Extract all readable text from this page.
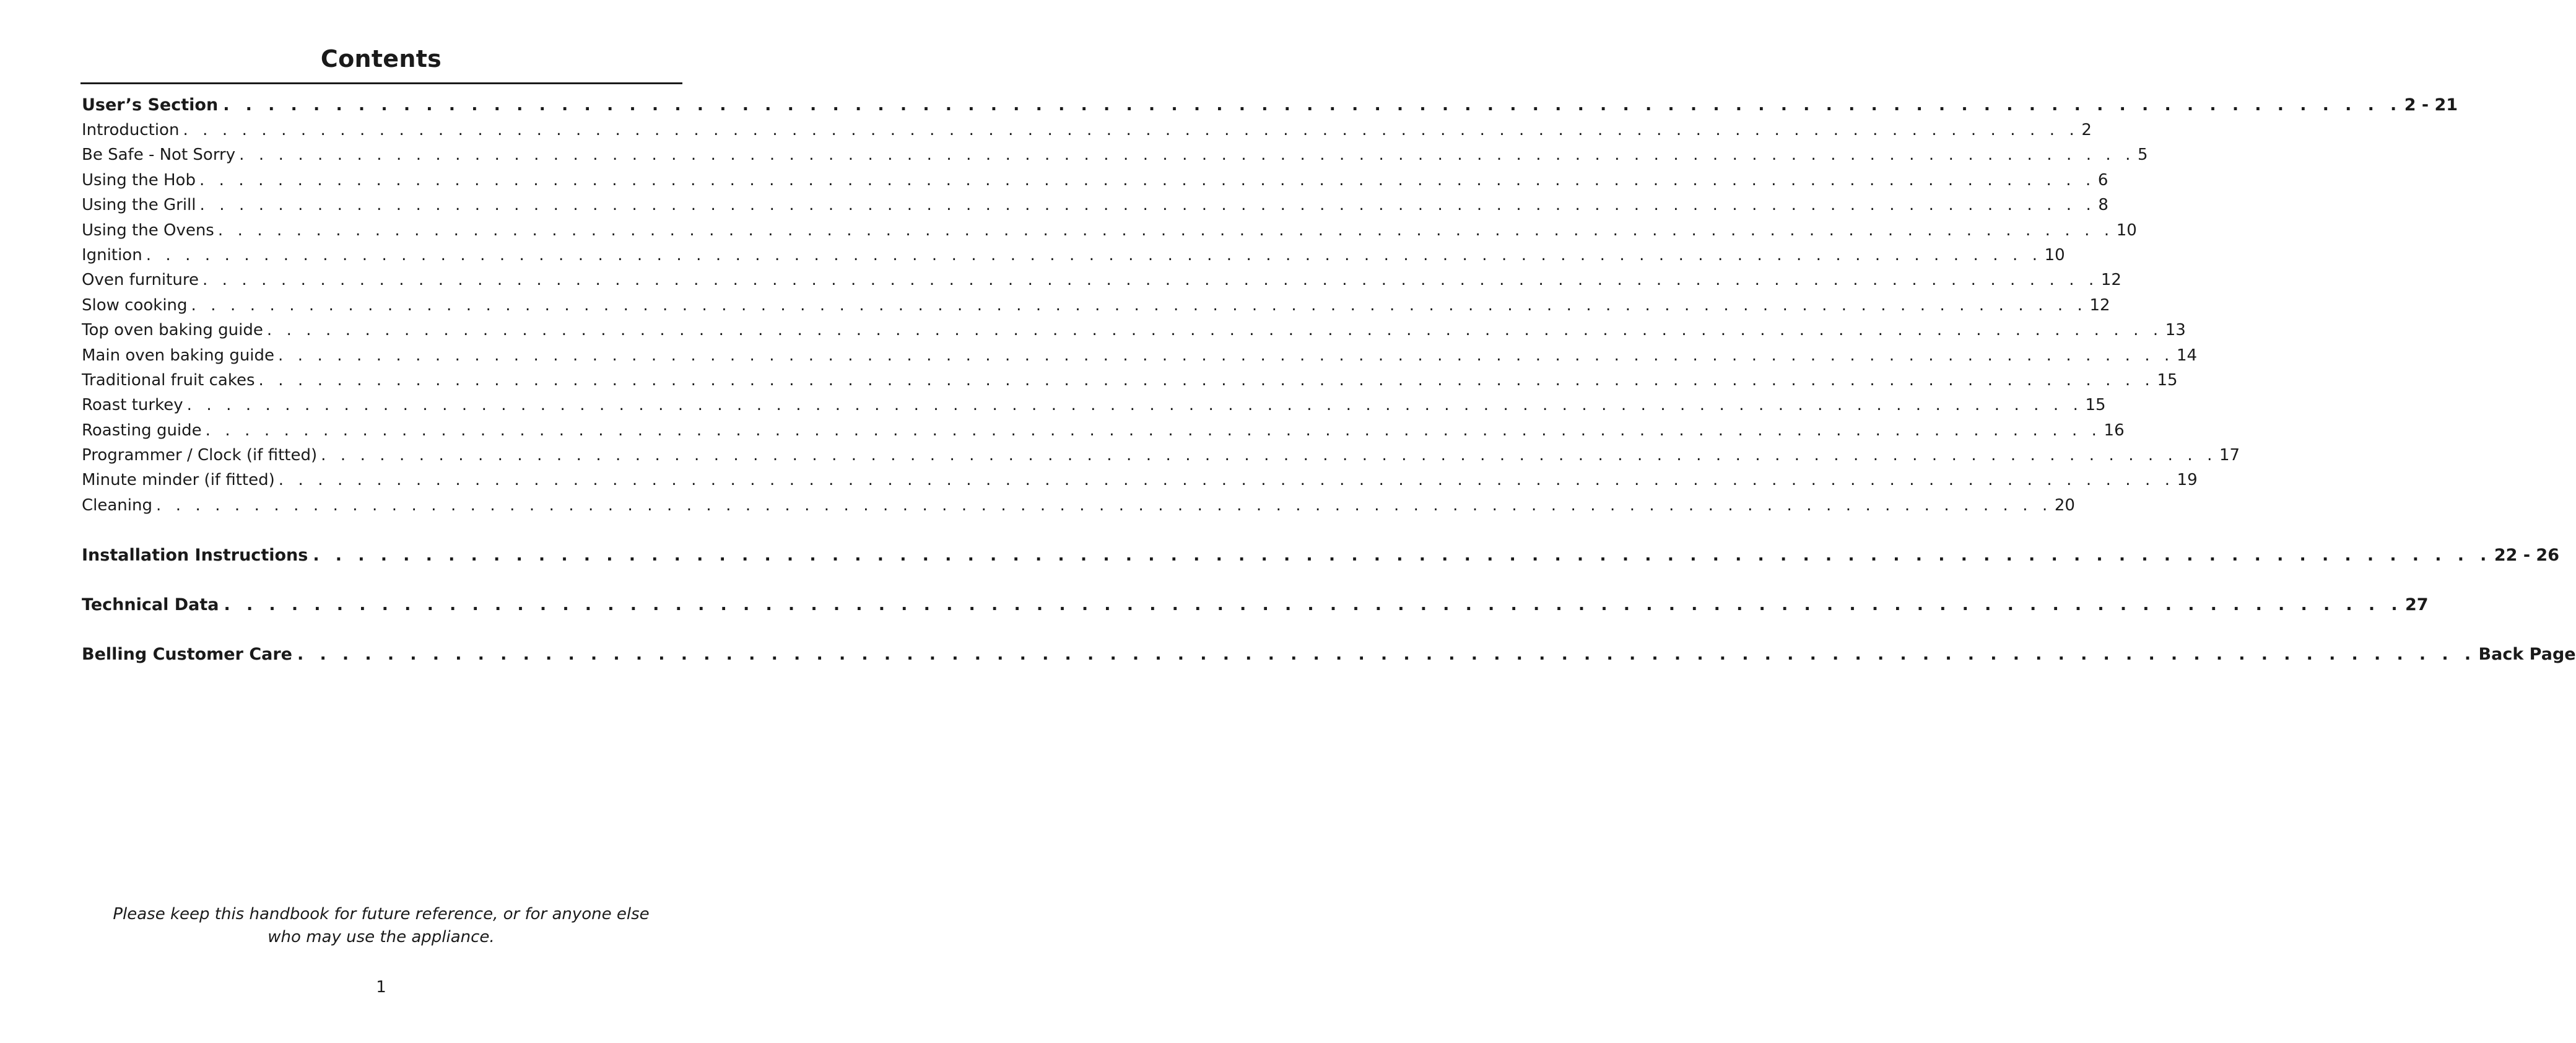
Contents
User’s Section . . . . . . . . . . . . . . . . . . . . . . . . . . . . . . . . . . . . . . . . . . . . . . . . . . . . . . . . . . . . . . . . . . . . . . . . . . . . . . . . . . . . . . . . . . . . . . . . . 2 - 21
Introduction . . . . . . . . . . . . . . . . . . . . . . . . . . . . . . . . . . . . . . . . . . . . . . . . . . . . . . . . . . . . . . . . . . . . . . . . . . . . . . . . . . . . . . . . . . . . . . . . . 2
Be Safe - Not Sorry . . . . . . . . . . . . . . . . . . . . . . . . . . . . . . . . . . . . . . . . . . . . . . . . . . . . . . . . . . . . . . . . . . . . . . . . . . . . . . . . . . . . . . . . . . . . . . . . . 5
Using the Hob . . . . . . . . . . . . . . . . . . . . . . . . . . . . . . . . . . . . . . . . . . . . . . . . . . . . . . . . . . . . . . . . . . . . . . . . . . . . . . . . . . . . . . . . . . . . . . . . . 6
Using the Grill . . . . . . . . . . . . . . . . . . . . . . . . . . . . . . . . . . . . . . . . . . . . . . . . . . . . . . . . . . . . . . . . . . . . . . . . . . . . . . . . . . . . . . . . . . . . . . . . . 8
Using the Ovens . . . . . . . . . . . . . . . . . . . . . . . . . . . . . . . . . . . . . . . . . . . . . . . . . . . . . . . . . . . . . . . . . . . . . . . . . . . . . . . . . . . . . . . . . . . . . . . . . 10
Ignition . . . . . . . . . . . . . . . . . . . . . . . . . . . . . . . . . . . . . . . . . . . . . . . . . . . . . . . . . . . . . . . . . . . . . . . . . . . . . . . . . . . . . . . . . . . . . . . . . 10
Oven furniture . . . . . . . . . . . . . . . . . . . . . . . . . . . . . . . . . . . . . . . . . . . . . . . . . . . . . . . . . . . . . . . . . . . . . . . . . . . . . . . . . . . . . . . . . . . . . . . . . 12
Slow cooking . . . . . . . . . . . . . . . . . . . . . . . . . . . . . . . . . . . . . . . . . . . . . . . . . . . . . . . . . . . . . . . . . . . . . . . . . . . . . . . . . . . . . . . . . . . . . . . . . 12
Top oven baking guide . . . . . . . . . . . . . . . . . . . . . . . . . . . . . . . . . . . . . . . . . . . . . . . . . . . . . . . . . . . . . . . . . . . . . . . . . . . . . . . . . . . . . . . . . . . . . . . . . 13
Main oven baking guide . . . . . . . . . . . . . . . . . . . . . . . . . . . . . . . . . . . . . . . . . . . . . . . . . . . . . . . . . . . . . . . . . . . . . . . . . . . . . . . . . . . . . . . . . . . . . . . . . 14
Traditional fruit cakes . . . . . . . . . . . . . . . . . . . . . . . . . . . . . . . . . . . . . . . . . . . . . . . . . . . . . . . . . . . . . . . . . . . . . . . . . . . . . . . . . . . . . . . . . . . . . . . . . 15
Roast turkey . . . . . . . . . . . . . . . . . . . . . . . . . . . . . . . . . . . . . . . . . . . . . . . . . . . . . . . . . . . . . . . . . . . . . . . . . . . . . . . . . . . . . . . . . . . . . . . . . 15
Roasting guide . . . . . . . . . . . . . . . . . . . . . . . . . . . . . . . . . . . . . . . . . . . . . . . . . . . . . . . . . . . . . . . . . . . . . . . . . . . . . . . . . . . . . . . . . . . . . . . . . 16
Programmer / Clock (if fitted) . . . . . . . . . . . . . . . . . . . . . . . . . . . . . . . . . . . . . . . . . . . . . . . . . . . . . . . . . . . . . . . . . . . . . . . . . . . . . . . . . . . . . . . . . . . . . . . . . 17
Minute minder (if fitted) . . . . . . . . . . . . . . . . . . . . . . . . . . . . . . . . . . . . . . . . . . . . . . . . . . . . . . . . . . . . . . . . . . . . . . . . . . . . . . . . . . . . . . . . . . . . . . . . . 19
Cleaning . . . . . . . . . . . . . . . . . . . . . . . . . . . . . . . . . . . . . . . . . . . . . . . . . . . . . . . . . . . . . . . . . . . . . . . . . . . . . . . . . . . . . . . . . . . . . . . . . 20
Installation Instructions . . . . . . . . . . . . . . . . . . . . . . . . . . . . . . . . . . . . . . . . . . . . . . . . . . . . . . . . . . . . . . . . . . . . . . . . . . . . . . . . . . . . . . . . . . . . . . . . . 22 - 26
Technical Data . . . . . . . . . . . . . . . . . . . . . . . . . . . . . . . . . . . . . . . . . . . . . . . . . . . . . . . . . . . . . . . . . . . . . . . . . . . . . . . . . . . . . . . . . . . . . . . . . 27
Belling Customer Care . . . . . . . . . . . . . . . . . . . . . . . . . . . . . . . . . . . . . . . . . . . . . . . . . . . . . . . . . . . . . . . . . . . . . . . . . . . . . . . . . . . . . . . . . . . . . . . . . Back Page
Please keep this handbook for future reference, or for anyone else
who may use the appliance.
1
